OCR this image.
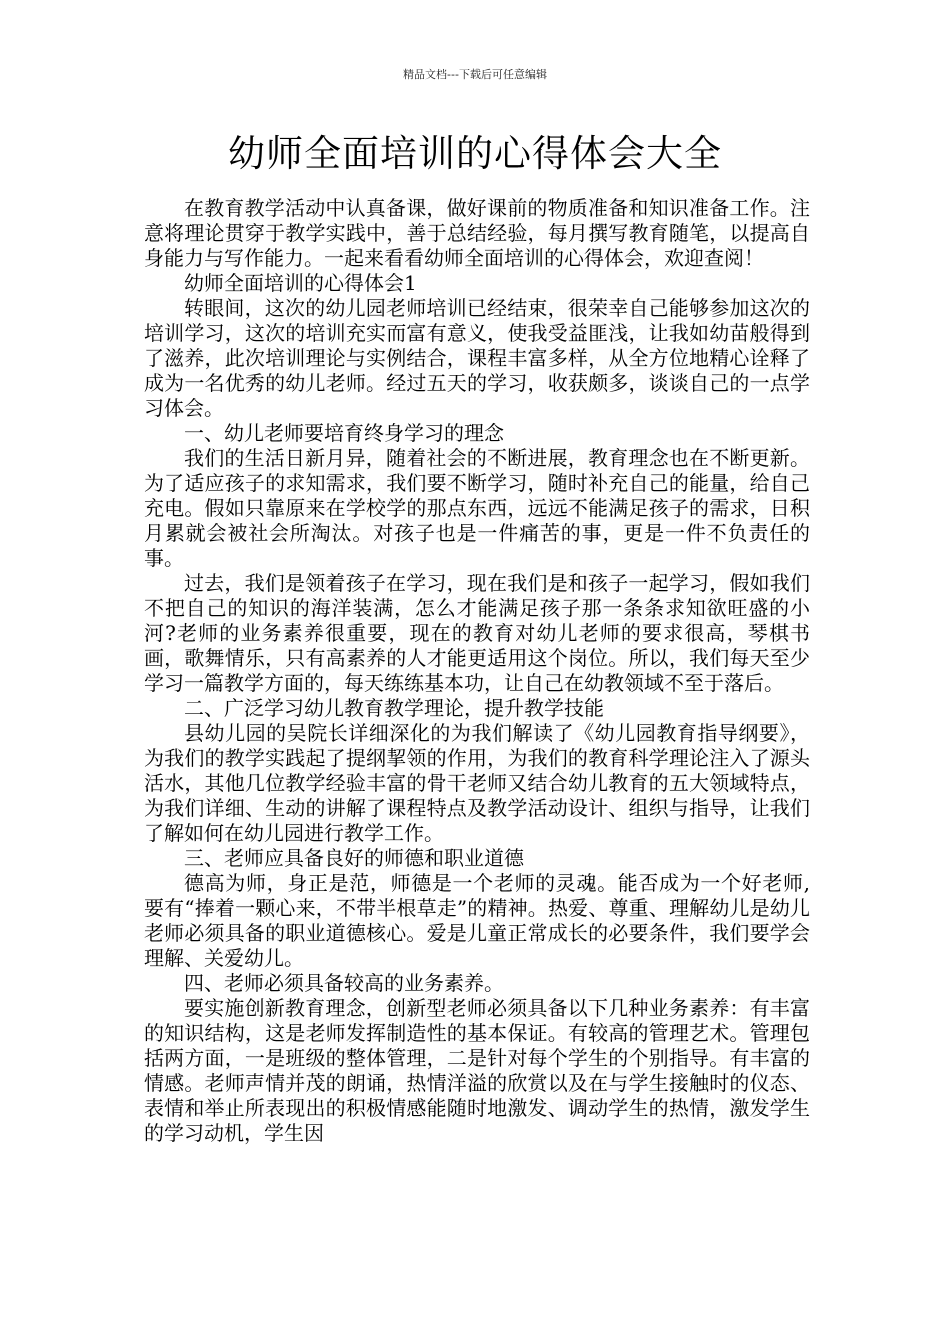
精品文档---下载后可任意编辑
幼师全面培训的心得体会大全

在教育教学活动中认真备课，做好课前的物质准备和知识准备工作。注意将理论贯穿于教学实践中，善于总结经验，每月撰写教育随笔，以提高自身能力与写作能力。一起来看看幼师全面培训的心得体会，欢迎查阅！

幼师全面培训的心得体会1

转眼间，这次的幼儿园老师培训已经结束，很荣幸自己能够参加这次的培训学习，这次的培训充实而富有意义，使我受益匪浅，让我如幼苗般得到了滋养，此次培训理论与实例结合，课程丰富多样，从全方位地精心诠释了成为一名优秀的幼儿老师。经过五天的学习，收获颇多，谈谈自己的一点学习体会。

一、幼儿老师要培育终身学习的理念

我们的生活日新月异，随着社会的不断进展，教育理念也在不断更新。为了适应孩子的求知需求，我们要不断学习，随时补充自己的能量，给自己充电。假如只靠原来在学校学的那点东西，远远不能满足孩子的需求，日积月累就会被社会所淘汰。对孩子也是一件痛苦的事，更是一件不负责任的事。

过去，我们是领着孩子在学习，现在我们是和孩子一起学习，假如我们不把自己的知识的海洋装满，怎么才能满足孩子那一条条求知欲旺盛的小河?老师的业务素养很重要，现在的教育对幼儿老师的要求很高，琴棋书画，歌舞情乐，只有高素养的人才能更适用这个岗位。所以，我们每天至少学习一篇教学方面的，每天练练基本功，让自己在幼教领域不至于落后。

二、广泛学习幼儿教育教学理论，提升教学技能

县幼儿园的吴院长详细深化的为我们解读了《幼儿园教育指导纲要》，为我们的教学实践起了提纲挈领的作用，为我们的教育科学理论注入了源头活水，其他几位教学经验丰富的骨干老师又结合幼儿教育的五大领域特点，为我们详细、生动的讲解了课程特点及教学活动设计、组织与指导，让我们了解如何在幼儿园进行教学工作。

三、老师应具备良好的师德和职业道德

德高为师，身正是范，师德是一个老师的灵魂。能否成为一个好老师,要有“捧着一颗心来，不带半根草走”的精神。热爱、尊重、理解幼儿是幼儿老师必须具备的职业道德核心。爱是儿童正常成长的必要条件，我们要学会理解、关爱幼儿。

四、老师必须具备较高的业务素养。

要实施创新教育理念，创新型老师必须具备以下几种业务素养：有丰富的知识结构，这是老师发挥制造性的基本保证。有较高的管理艺术。管理包括两方面，一是班级的整体管理，二是针对每个学生的个别指导。有丰富的情感。老师声情并茂的朗诵，热情洋溢的欣赏以及在与学生接触时的仪态、表情和举止所表现出的积极情感能随时地激发、调动学生的热情，激发学生的学习动机，学生因
